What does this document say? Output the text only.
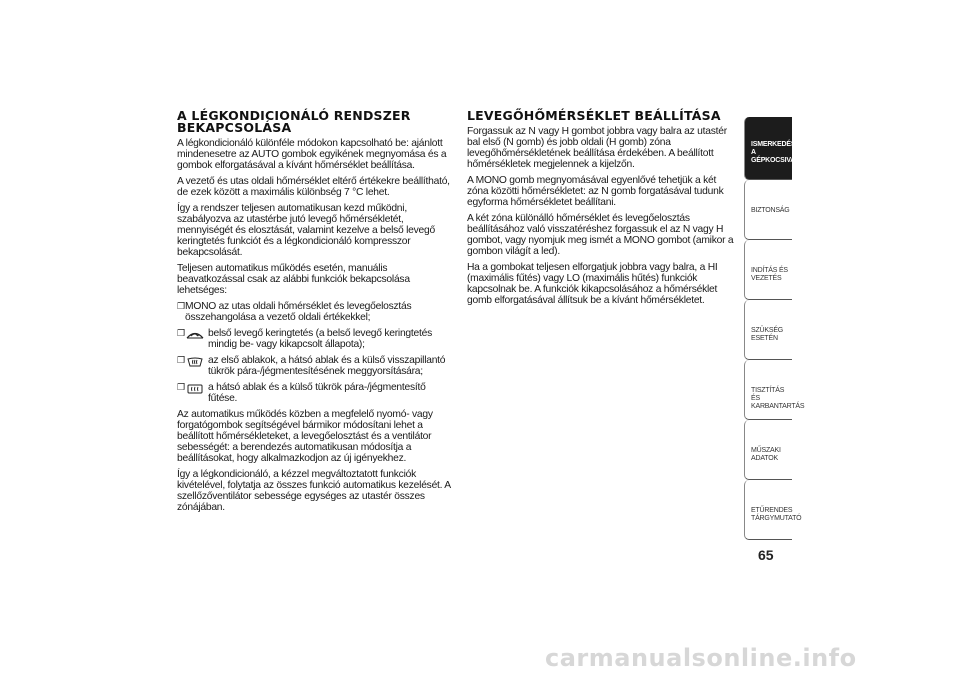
A LÉGKONDICIONÁLÓ RENDSZER BEKAPCSOLÁSA

A légkondicionáló különféle módokon kapcsolható be: ajánlott mindenesetre az AUTO gombok egyikének megnyomása és a gombok elforgatásával a kívánt hőmérséklet beállítása.

A vezető és utas oldali hőmérséklet eltérő értékekre beállítható, de ezek között a maximális különbség 7 °C lehet.

Így a rendszer teljesen automatikusan kezd működni, szabályozva az utastérbe jutó levegő hőmérsékletét, mennyiségét és elosztását, valamint kezelve a belső levegő keringtetés funkciót és a légkondicionáló kompresszor bekapcsolását.

Teljesen automatikus működés esetén, manuális beavatkozással csak az alábbi funkciók bekapcsolása lehetséges:

❒ MONO az utas oldali hőmérséklet és levegőelosztás összehangolása a vezető oldali értékekkel;

❒ belső levegő keringtetés (a belső levegő keringtetés mindig be- vagy kikapcsolt állapota);

❒ az első ablakok, a hátsó ablak és a külső visszapillantó tükrök pára-/jégmentesítésének meggyorsítására;

❒ a hátsó ablak és a külső tükrök pára-/jégmentesítő fűtése.

Az automatikus működés közben a megfelelő nyomó- vagy forgatógombok segítségével bármikor módosítani lehet a beállított hőmérsékleteket, a levegőelosztást és a ventilátor sebességét: a berendezés automatikusan módosítja a beállításokat, hogy alkalmazkodjon az új igényekhez.

Így a légkondicionáló, a kézzel megváltoztatott funkciók kivételével, folytatja az összes funkció automatikus kezelését. A szellőzőventilátor sebessége egységes az utastér összes zónájában.

LEVEGŐHŐMÉRSÉKLET BEÁLLÍTÁSA

Forgassuk az N vagy H gombot jobbra vagy balra az utastér bal első (N gomb) és jobb oldali (H gomb) zóna levegőhőmérsékletének beállítása érdekében. A beállított hőmérsékletek megjelennek a kijelzőn.

A MONO gomb megnyomásával egyenlővé tehetjük a két zóna közötti hőmérsékletet: az N gomb forgatásával tudunk egyforma hőmérsékletet beállítani.

A két zóna különálló hőmérséklet és levegőelosztás beállításához való visszatéréshez forgassuk el az N vagy H gombot, vagy nyomjuk meg ismét a MONO gombot (amikor a gombon világít a led).

Ha a gombokat teljesen elforgatjuk jobbra vagy balra, a HI (maximális fűtés) vagy LO (maximális hűtés) funkciók kapcsolnak be. A funkciók kikapcsolásához a hőmérséklet gomb elforgatásával állítsuk be a kívánt hőmérsékletet.

ISMERKEDÉS A GÉPKOCSIVAL
BIZTONSÁG
INDÍTÁS ÉS VEZETÉS
SZÜKSÉG ESETÉN
TISZTÍTÁS ÉS KARBANTARTÁS
MŰSZAKI ADATOK
ETŰRENDES TÁRGYMUTATÓ
65
carmanualsonline.info
